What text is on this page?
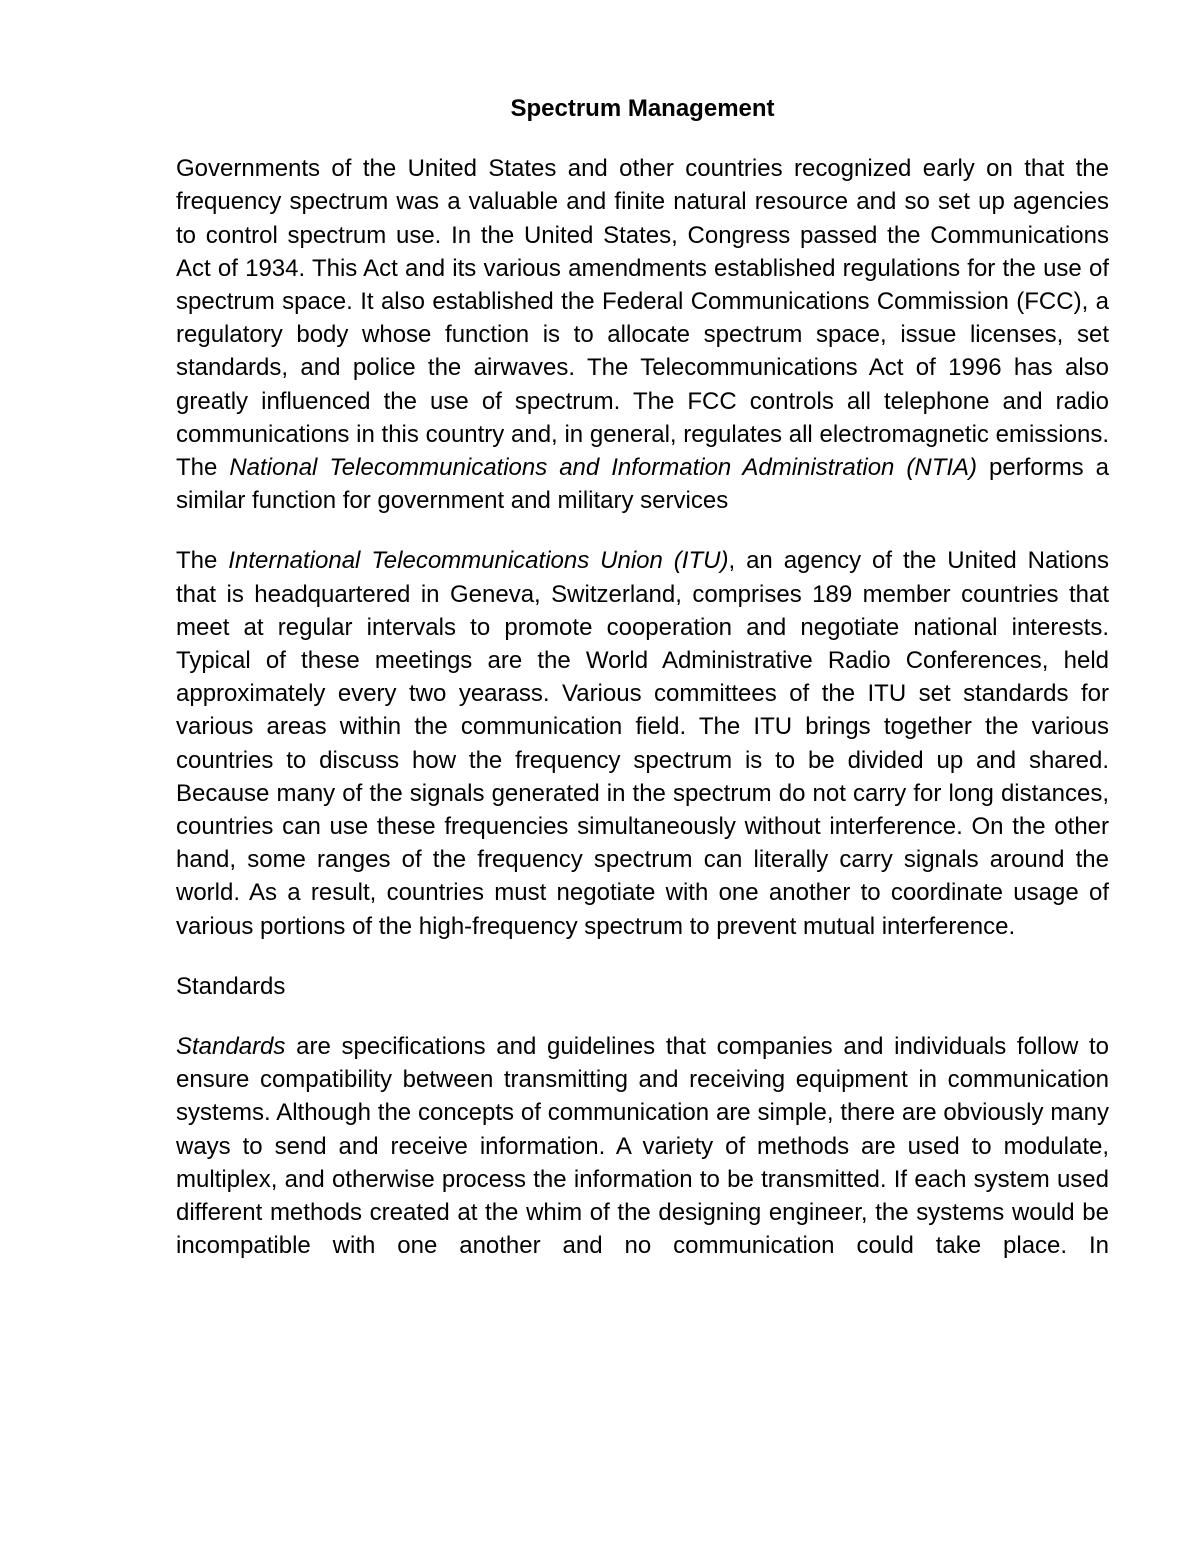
Spectrum Management

Governments of the United States and other countries recognized early on that the frequency spectrum was a valuable and finite natural resource and so set up agencies to control spectrum use. In the United States, Congress passed the Communications Act of 1934. This Act and its various amendments established regulations for the use of spectrum space. It also established the Federal Communications Commission (FCC), a regulatory body whose function is to allocate spectrum space, issue licenses, set standards, and police the airwaves. The Telecommunications Act of 1996 has also greatly influenced the use of spectrum. The FCC controls all telephone and radio communications in this country and, in general, regulates all electromagnetic emissions. The National Telecommunications and Information Administration (NTIA) performs a similar function for government and military services

The International Telecommunications Union (ITU), an agency of the United Nations that is headquartered in Geneva, Switzerland, comprises 189 member countries that meet at regular intervals to promote cooperation and negotiate national interests. Typical of these meetings are the World Administrative Radio Conferences, held approximately every two yearass. Various committees of the ITU set standards for various areas within the communication field. The ITU brings together the various countries to discuss how the frequency spectrum is to be divided up and shared. Because many of the signals generated in the spectrum do not carry for long distances, countries can use these frequencies simultaneously without interference. On the other hand, some ranges of the frequency spectrum can literally carry signals around the world. As a result, countries must negotiate with one another to coordinate usage of various portions of the high-frequency spectrum to prevent mutual interference.

Standards

Standards are specifications and guidelines that companies and individuals follow to ensure compatibility between transmitting and receiving equipment in communication systems. Although the concepts of communication are simple, there are obviously many ways to send and receive information. A variety of methods are used to modulate, multiplex, and otherwise process the information to be transmitted. If each system used different methods created at the whim of the designing engineer, the systems would be incompatible with one another and no communication could take place. In
